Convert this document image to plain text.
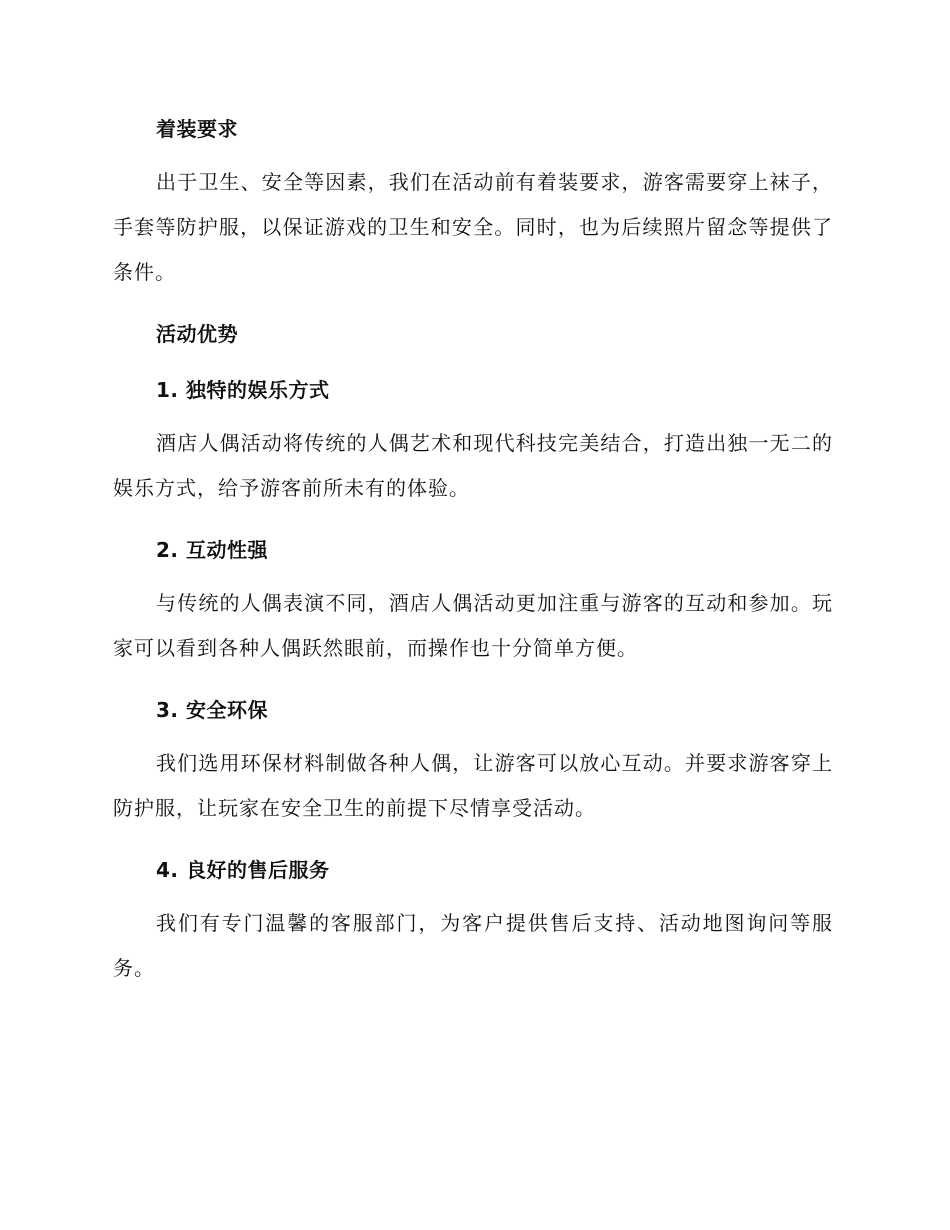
着装要求

出于卫生、安全等因素，我们在活动前有着装要求，游客需要穿上袜子，手套等防护服，以保证游戏的卫生和安全。同时，也为后续照片留念等提供了条件。

活动优势
1. 独特的娱乐方式

酒店人偶活动将传统的人偶艺术和现代科技完美结合，打造出独一无二的娱乐方式，给予游客前所未有的体验。

2. 互动性强

与传统的人偶表演不同，酒店人偶活动更加注重与游客的互动和参加。玩家可以看到各种人偶跃然眼前，而操作也十分简单方便。

3. 安全环保

我们选用环保材料制做各种人偶，让游客可以放心互动。并要求游客穿上防护服，让玩家在安全卫生的前提下尽情享受活动。

4. 良好的售后服务

我们有专门温馨的客服部门，为客户提供售后支持、活动地图询问等服务。
